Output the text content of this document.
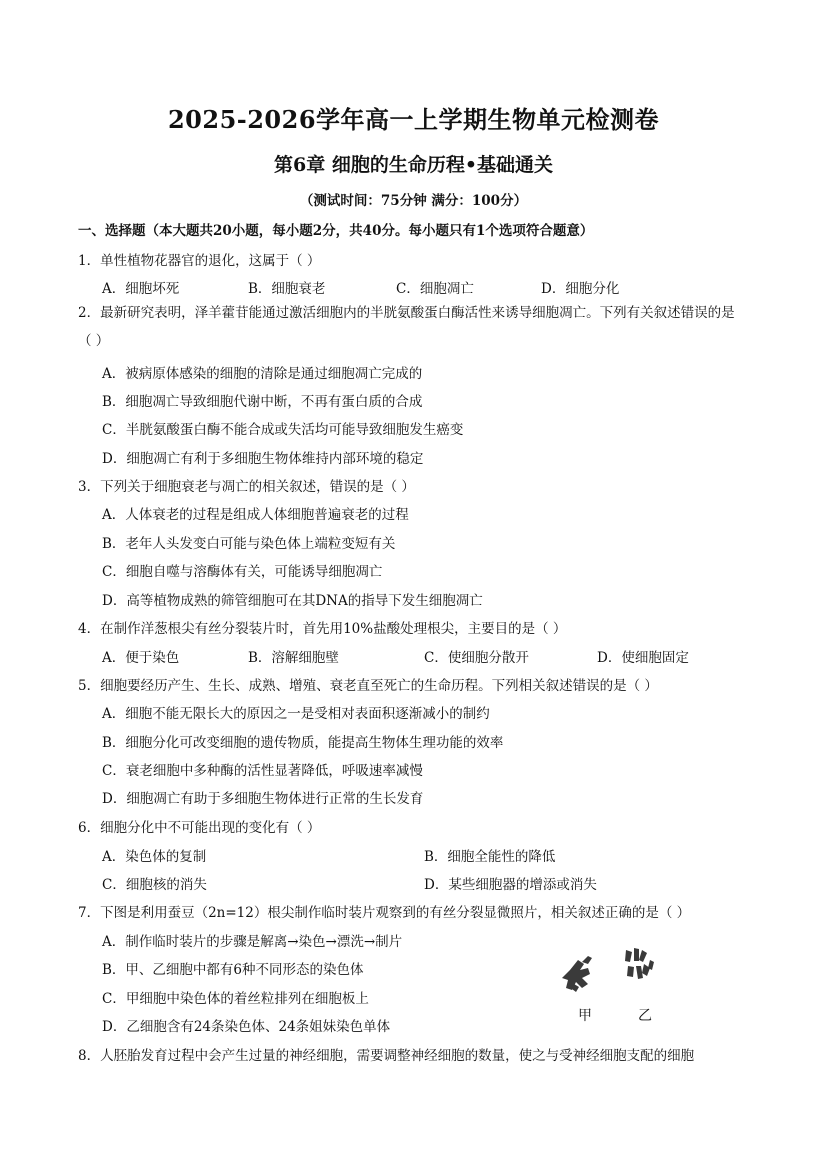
2025-2026学年高一上学期生物单元检测卷
第6章 细胞的生命历程•基础通关
（测试时间：75分钟 满分：100分）
一、选择题（本大题共20小题，每小题2分，共40分。每小题只有1个选项符合题意）
1．单性植物花器官的退化，这属于（ ）
A．细胞坏死	B．细胞衰老	C．细胞凋亡	D．细胞分化
2．最新研究表明，泽羊藿苷能通过激活细胞内的半胱氨酸蛋白酶活性来诱导细胞凋亡。下列有关叙述错误的是（ ）
A．被病原体感染的细胞的清除是通过细胞凋亡完成的
B．细胞凋亡导致细胞代谢中断，不再有蛋白质的合成
C．半胱氨酸蛋白酶不能合成或失活均可能导致细胞发生癌变
D．细胞凋亡有利于多细胞生物体维持内部环境的稳定
3．下列关于细胞衰老与凋亡的相关叙述，错误的是（ ）
A．人体衰老的过程是组成人体细胞普遍衰老的过程
B．老年人头发变白可能与染色体上端粒变短有关
C．细胞自噬与溶酶体有关，可能诱导细胞凋亡
D．高等植物成熟的筛管细胞可在其DNA的指导下发生细胞凋亡
4．在制作洋葱根尖有丝分裂装片时，首先用10%盐酸处理根尖，主要目的是（ ）
A．便于染色	B．溶解细胞壁	C．使细胞分散开	D．使细胞固定
5．细胞要经历产生、生长、成熟、增殖、衰老直至死亡的生命历程。下列相关叙述错误的是（ ）
A．细胞不能无限长大的原因之一是受相对表面积逐渐减小的制约
B．细胞分化可改变细胞的遗传物质，能提高生物体生理功能的效率
C．衰老细胞中多种酶的活性显著降低，呼吸速率减慢
D．细胞凋亡有助于多细胞生物体进行正常的生长发育
6．细胞分化中不可能出现的变化有（ ）
A．染色体的复制	B．细胞全能性的降低
C．细胞核的消失	D．某些细胞器的增添或消失
7．下图是利用蚕豆（2n=12）根尖制作临时装片观察到的有丝分裂显微照片，相关叙述正确的是（ ）
A．制作临时装片的步骤是解离→染色→漂洗→制片
B．甲、乙细胞中都有6种不同形态的染色体
C．甲细胞中染色体的着丝粒排列在细胞板上
D．乙细胞含有24条染色体、24条姐妹染色单体
甲	乙
8．人胚胎发育过程中会产生过量的神经细胞，需要调整神经细胞的数量，使之与受神经细胞支配的细胞
